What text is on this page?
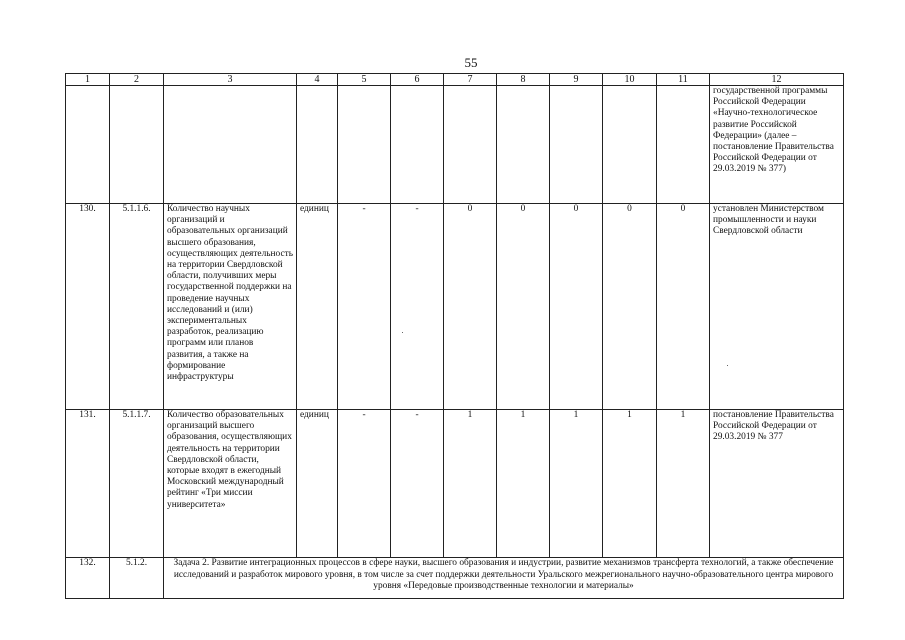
55
1	2	3	4	5	6	7	8	9	10	11	12
											государственной программы Российской Федерации «Научно-технологическое развитие Российской Федерации» (далее – постановление Правительства Российской Федерации от 29.03.2019 № 377)
130.	5.1.1.6.	Количество научных организаций и образовательных организаций высшего образования, осуществляющих деятельность на территории Свердловской области, получивших меры государственной поддержки на проведение научных исследований и (или) экспериментальных разработок, реализацию программ или планов развития, а также на формирование инфраструктуры	единиц	-	-	0	0	0	0	0	установлен Министерством промышленности и науки Свердловской области
131.	5.1.1.7.	Количество образовательных организаций высшего образования, осуществляющих деятельность на территории Свердловской области, которые входят в ежегодный Московский международный рейтинг «Три миссии университета»	единиц	-	-	1	1	1	1	1	постановление Правительства Российской Федерации от 29.03.2019 № 377
132.	5.1.2.	Задача 2. Развитие интеграционных процессов в сфере науки, высшего образования и индустрии, развитие механизмов трансферта технологий, а также обеспечение исследований и разработок мирового уровня, в том числе за счет поддержки деятельности Уральского межрегионального научно-образовательного центра мирового уровня «Передовые производственные технологии и материалы»									
